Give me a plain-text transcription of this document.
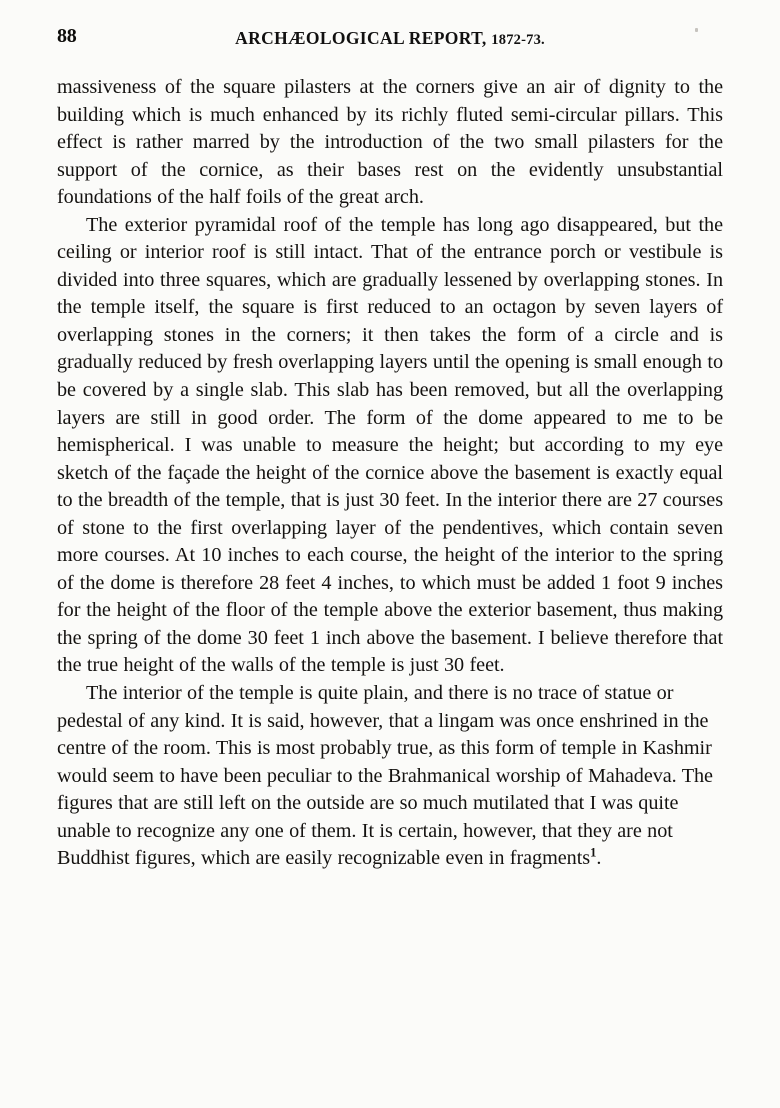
88	ARCHÆOLOGICAL REPORT, 1872-73.

massiveness of the square pilasters at the corners give an air of dignity to the building which is much enhanced by its richly fluted semi-circular pillars. This effect is rather marred by the introduction of the two small pilasters for the support of the cornice, as their bases rest on the evidently unsubstantial foundations of the half foils of the great arch.

The exterior pyramidal roof of the temple has long ago disappeared, but the ceiling or interior roof is still intact. That of the entrance porch or vestibule is divided into three squares, which are gradually lessened by overlapping stones. In the temple itself, the square is first reduced to an octagon by seven layers of overlapping stones in the corners; it then takes the form of a circle and is gradually reduced by fresh overlapping layers until the opening is small enough to be covered by a single slab. This slab has been removed, but all the overlapping layers are still in good order. The form of the dome appeared to me to be hemispherical. I was unable to measure the height; but according to my eye sketch of the façade the height of the cornice above the basement is exactly equal to the breadth of the temple, that is just 30 feet. In the interior there are 27 courses of stone to the first overlapping layer of the pendentives, which contain seven more courses. At 10 inches to each course, the height of the interior to the spring of the dome is therefore 28 feet 4 inches, to which must be added 1 foot 9 inches for the height of the floor of the temple above the exterior basement, thus making the spring of the dome 30 feet 1 inch above the basement. I believe therefore that the true height of the walls of the temple is just 30 feet.

The interior of the temple is quite plain, and there is no trace of statue or pedestal of any kind. It is said, however, that a lingam was once enshrined in the centre of the room. This is most probably true, as this form of temple in Kashmir would seem to have been peculiar to the Brahmanical worship of Mahadeva. The figures that are still left on the outside are so much mutilated that I was quite unable to recognize any one of them. It is certain, however, that they are not Buddhist figures, which are easily recognizable even in fragments$^1$.
